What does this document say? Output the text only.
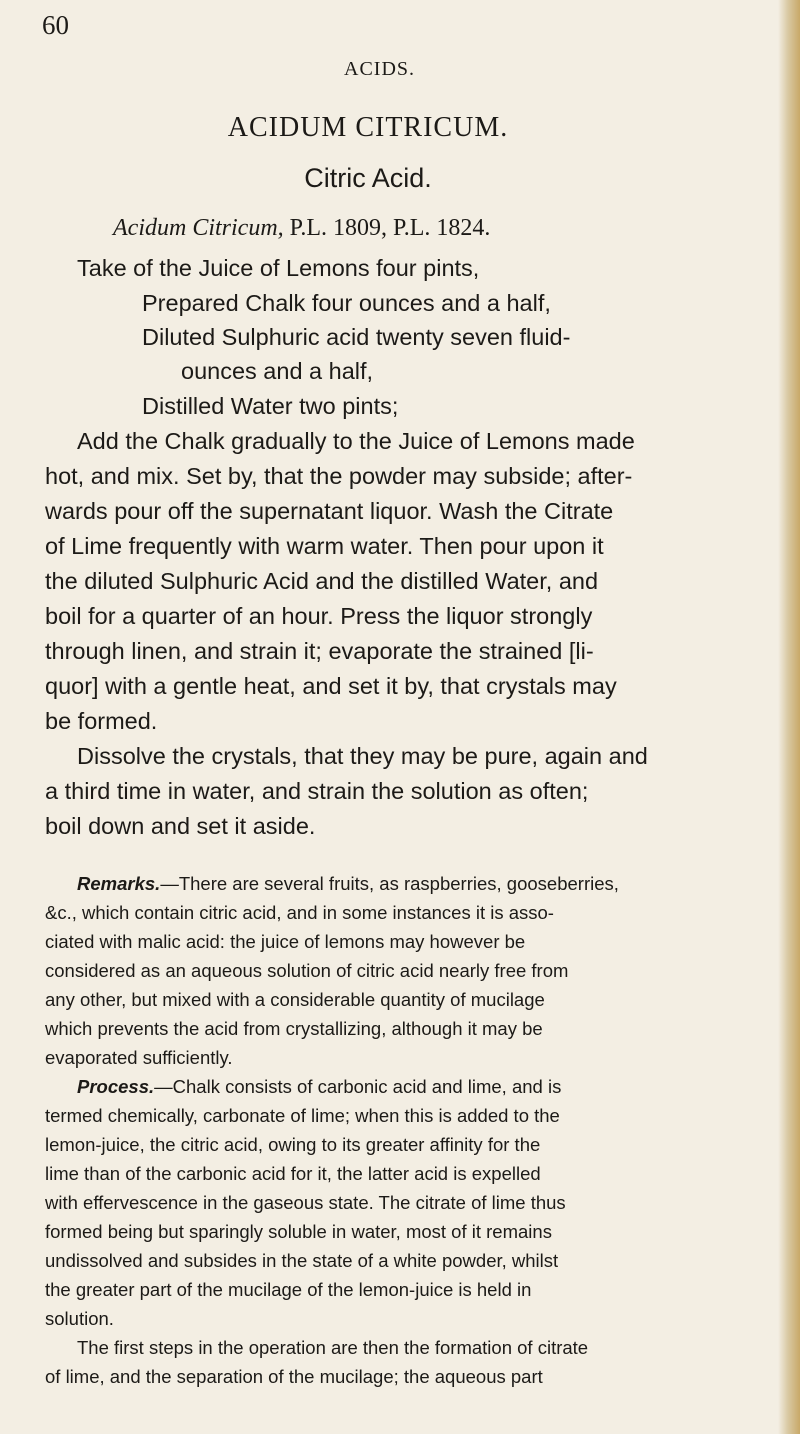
60
ACIDS.
ACIDUM CITRICUM.
Citric Acid.
Acidum Citricum, P.L. 1809, P.L. 1824.
Take of the Juice of Lemons four pints,
Prepared Chalk four ounces and a half,
Diluted Sulphuric acid twenty seven fluid-
ounces and a half,
Distilled Water two pints;
Add the Chalk gradually to the Juice of Lemons made
hot, and mix. Set by, that the powder may subside; after-
wards pour off the supernatant liquor. Wash the Citrate
of Lime frequently with warm water. Then pour upon it
the diluted Sulphuric Acid and the distilled Water, and
boil for a quarter of an hour. Press the liquor strongly
through linen, and strain it; evaporate the strained [li-
quor] with a gentle heat, and set it by, that crystals may
be formed.
Dissolve the crystals, that they may be pure, again and
a third time in water, and strain the solution as often;
boil down and set it aside.
Remarks.—There are several fruits, as raspberries, gooseberries,
&c., which contain citric acid, and in some instances it is asso-
ciated with malic acid: the juice of lemons may however be
considered as an aqueous solution of citric acid nearly free from
any other, but mixed with a considerable quantity of mucilage
which prevents the acid from crystallizing, although it may be
evaporated sufficiently.
Process.—Chalk consists of carbonic acid and lime, and is
termed chemically, carbonate of lime; when this is added to the
lemon-juice, the citric acid, owing to its greater affinity for the
lime than of the carbonic acid for it, the latter acid is expelled
with effervescence in the gaseous state. The citrate of lime thus
formed being but sparingly soluble in water, most of it remains
undissolved and subsides in the state of a white powder, whilst
the greater part of the mucilage of the lemon-juice is held in
solution.
The first steps in the operation are then the formation of citrate
of lime, and the separation of the mucilage; the aqueous part
